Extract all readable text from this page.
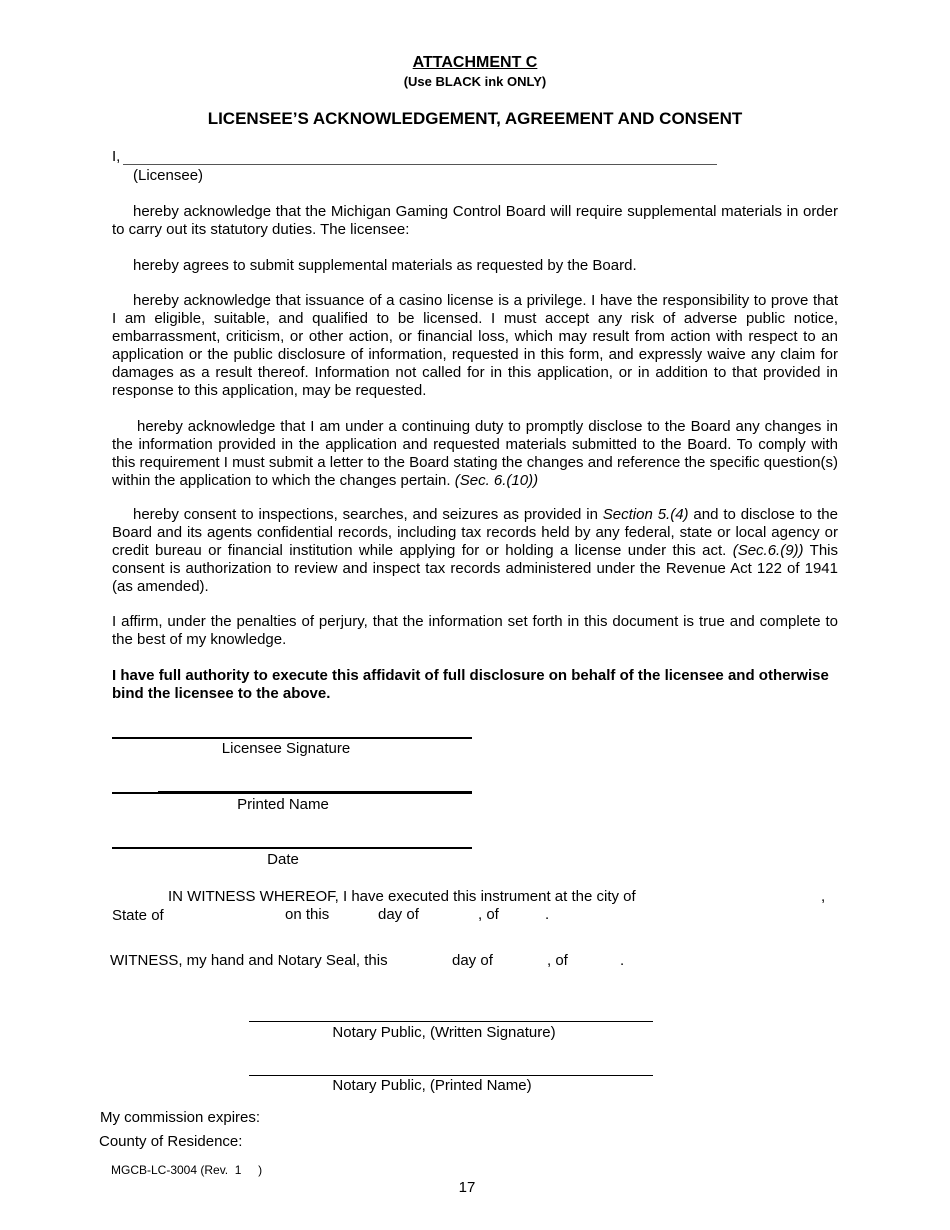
ATTACHMENT C
(Use BLACK ink ONLY)
LICENSEE’S ACKNOWLEDGEMENT, AGREEMENT AND CONSENT
I,
(Licensee)

hereby acknowledge that the Michigan Gaming Control Board will require supplemental materials in order to carry out its statutory duties. The licensee:

hereby agrees to submit supplemental materials as requested by the Board.

hereby acknowledge that issuance of a casino license is a privilege. I have the responsibility to prove that I am eligible, suitable, and qualified to be licensed. I must accept any risk of adverse public notice, embarrassment, criticism, or other action, or financial loss, which may result from action with respect to an application or the public disclosure of information, requested in this form, and expressly waive any claim for damages as a result thereof. Information not called for in this application, or in addition to that provided in response to this application, may be requested.

hereby acknowledge that I am under a continuing duty to promptly disclose to the Board any changes in the information provided in the application and requested materials submitted to the Board. To comply with this requirement I must submit a letter to the Board stating the changes and reference the specific question(s) within the application to which the changes pertain. (Sec. 6.(10))

hereby consent to inspections, searches, and seizures as provided in Section 5.(4) and to disclose to the Board and its agents confidential records, including tax records held by any federal, state or local agency or credit bureau or financial institution while applying for or holding a license under this act. (Sec.6.(9)) This consent is authorization to review and inspect tax records administered under the Revenue Act 122 of 1941 (as amended).

I affirm, under the penalties of perjury, that the information set forth in this document is true and complete to the best of my knowledge.

I have full authority to execute this affidavit of full disclosure on behalf of the licensee and otherwise bind the licensee to the above.

Licensee Signature
Printed Name
Date
IN WITNESS WHEREOF, I have executed this instrument at the city of	,
State of	on this	day of	, of	.
WITNESS, my hand and Notary Seal, this	day of	, of	.
Notary Public, (Written Signature)
Notary Public, (Printed Name)
My commission expires:
County of Residence:
MGCB-LC-3004 (Rev.  1     )
17
